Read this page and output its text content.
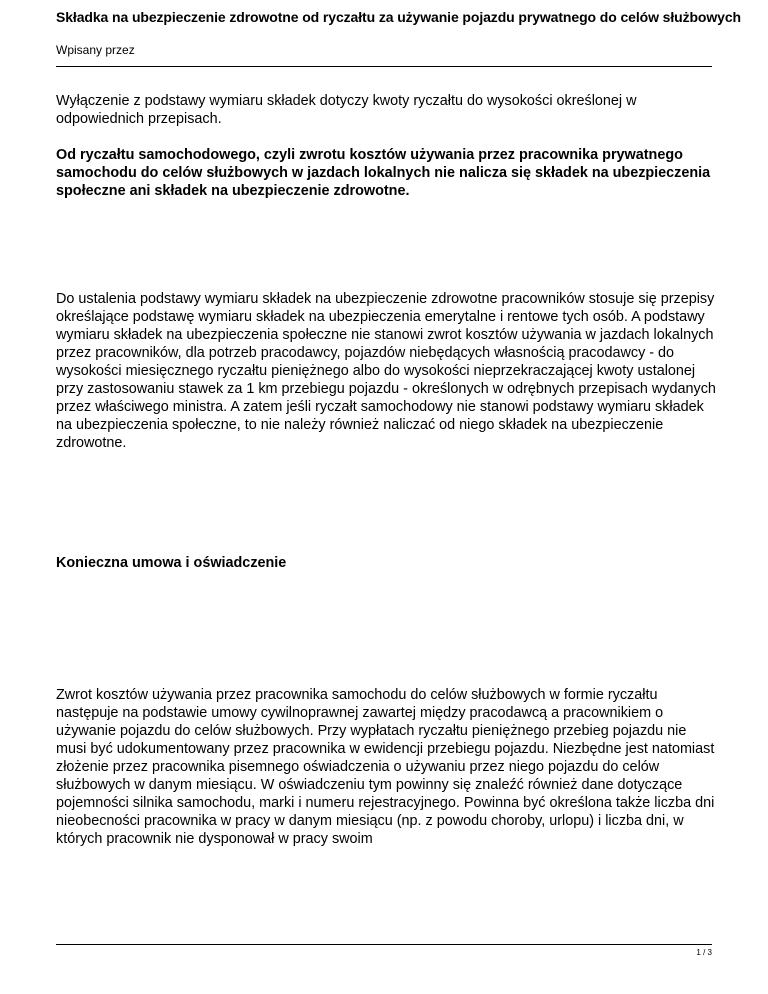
Składka na ubezpieczenie zdrowotne od ryczałtu za używanie pojazdu prywatnego do celów służbowych
Wpisany przez

Wyłączenie z podstawy wymiaru składek dotyczy kwoty ryczałtu do wysokości określonej w odpowiednich przepisach.

Od ryczałtu samochodowego, czyli zwrotu kosztów używania przez pracownika prywatnego samochodu do celów służbowych w jazdach lokalnych nie nalicza się składek na ubezpieczenia społeczne ani składek na ubezpieczenie zdrowotne.

Do ustalenia podstawy wymiaru składek na ubezpieczenie zdrowotne pracowników stosuje się przepisy określające podstawę wymiaru składek na ubezpieczenia emerytalne i rentowe tych osób. A podstawy wymiaru składek na ubezpieczenia społeczne nie stanowi zwrot kosztów używania w jazdach lokalnych przez pracowników, dla potrzeb pracodawcy, pojazdów niebędących własnością pracodawcy - do wysokości miesięcznego ryczałtu pieniężnego albo do wysokości nieprzekraczającej kwoty ustalonej przy zastosowaniu stawek za 1 km przebiegu pojazdu - określonych w odrębnych przepisach wydanych przez właściwego ministra. A zatem jeśli ryczałt samochodowy nie stanowi podstawy wymiaru składek na ubezpieczenia społeczne, to nie należy również naliczać od niego składek na ubezpieczenie zdrowotne.

Konieczna umowa i oświadczenie

Zwrot kosztów używania przez pracownika samochodu do celów służbowych w formie ryczałtu następuje na podstawie umowy cywilnoprawnej zawartej między pracodawcą a pracownikiem o używanie pojazdu do celów służbowych. Przy wypłatach ryczałtu pieniężnego przebieg pojazdu nie musi być udokumentowany przez pracownika w ewidencji przebiegu pojazdu. Niezbędne jest natomiast złożenie przez pracownika pisemnego oświadczenia o używaniu przez niego pojazdu do celów służbowych w danym miesiącu. W oświadczeniu tym powinny się znaleźć również dane dotyczące pojemności silnika samochodu, marki i numeru rejestracyjnego. Powinna być określona także liczba dni nieobecności pracownika w pracy w danym miesiącu (np. z powodu choroby, urlopu) i liczba dni, w których pracownik nie dysponował w pracy swoim

1 / 3
